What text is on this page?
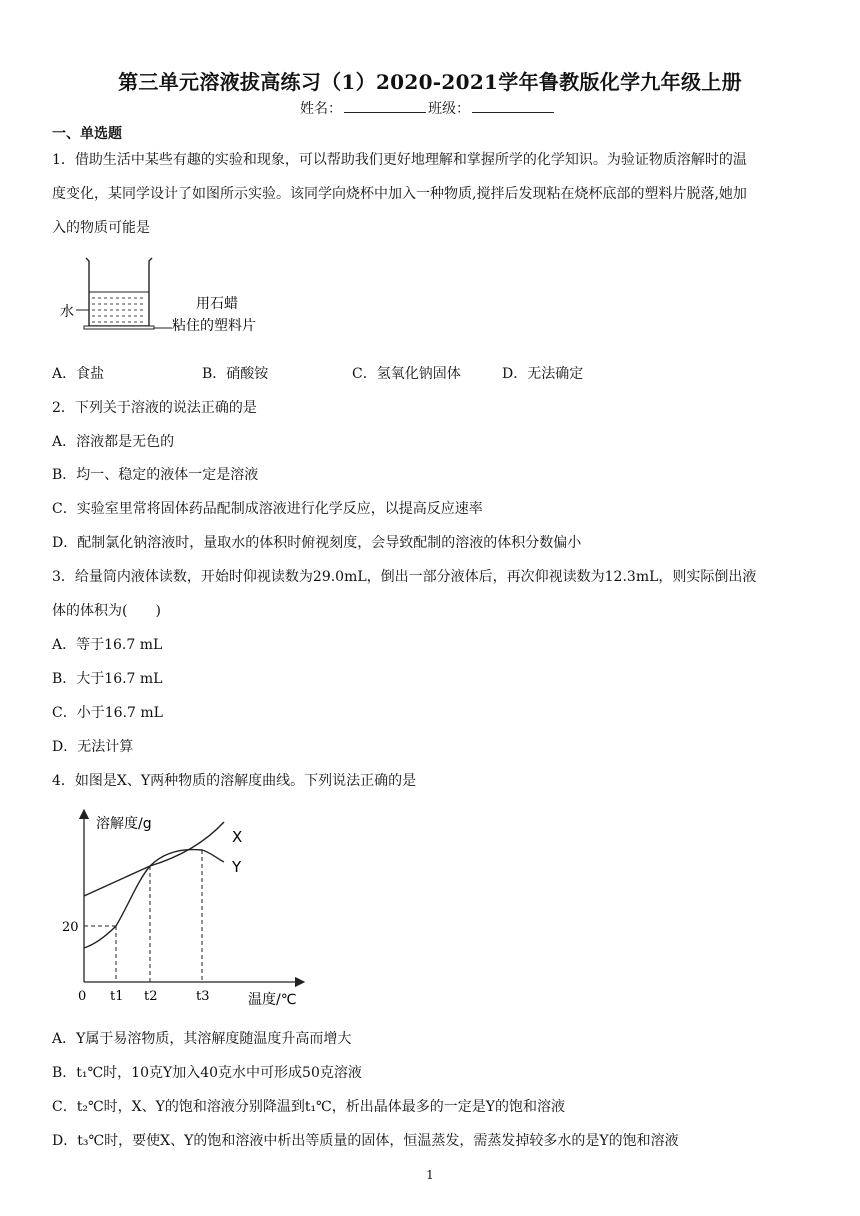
第三单元溶液拔高练习（1）2020-2021学年鲁教版化学九年级上册
姓名：	班级：
一、单选题
1．借助生活中某些有趣的实验和现象，可以帮助我们更好地理解和掌握所学的化学知识。为验证物质溶解时的温
度变化，某同学设计了如图所示实验。该同学向烧杯中加入一种物质,搅拌后发现粘在烧杯底部的塑料片脱落,她加
入的物质可能是
水	用石蜡
粘住的塑料片
A．食盐	B．硝酸铵	C．氢氧化钠固体	D．无法确定
2．下列关于溶液的说法正确的是
A．溶液都是无色的
B．均一、稳定的液体一定是溶液
C．实验室里常将固体药品配制成溶液进行化学反应，以提高反应速率
D．配制氯化钠溶液时，量取水的体积时俯视刻度，会导致配制的溶液的体积分数偏小
3．给量筒内液体读数，开始时仰视读数为29.0mL，倒出一部分液体后，再次仰视读数为12.3mL，则实际倒出液
体的体积为(　　)
A．等于16.7 mL
B．大于16.7 mL
C．小于16.7 mL
D．无法计算
4．如图是X、Y两种物质的溶解度曲线。下列说法正确的是
溶解度/g
温度/℃
20
0 t1 t2	t3
X
Y
A．Y属于易溶物质，其溶解度随温度升高而增大
B．t₁℃时，10克Y加入40克水中可形成50克溶液
C．t₂℃时，X、Y的饱和溶液分别降温到t₁℃，析出晶体最多的一定是Y的饱和溶液
D．t₃℃时，要使X、Y的饱和溶液中析出等质量的固体，恒温蒸发，需蒸发掉较多水的是Y的饱和溶液
1
